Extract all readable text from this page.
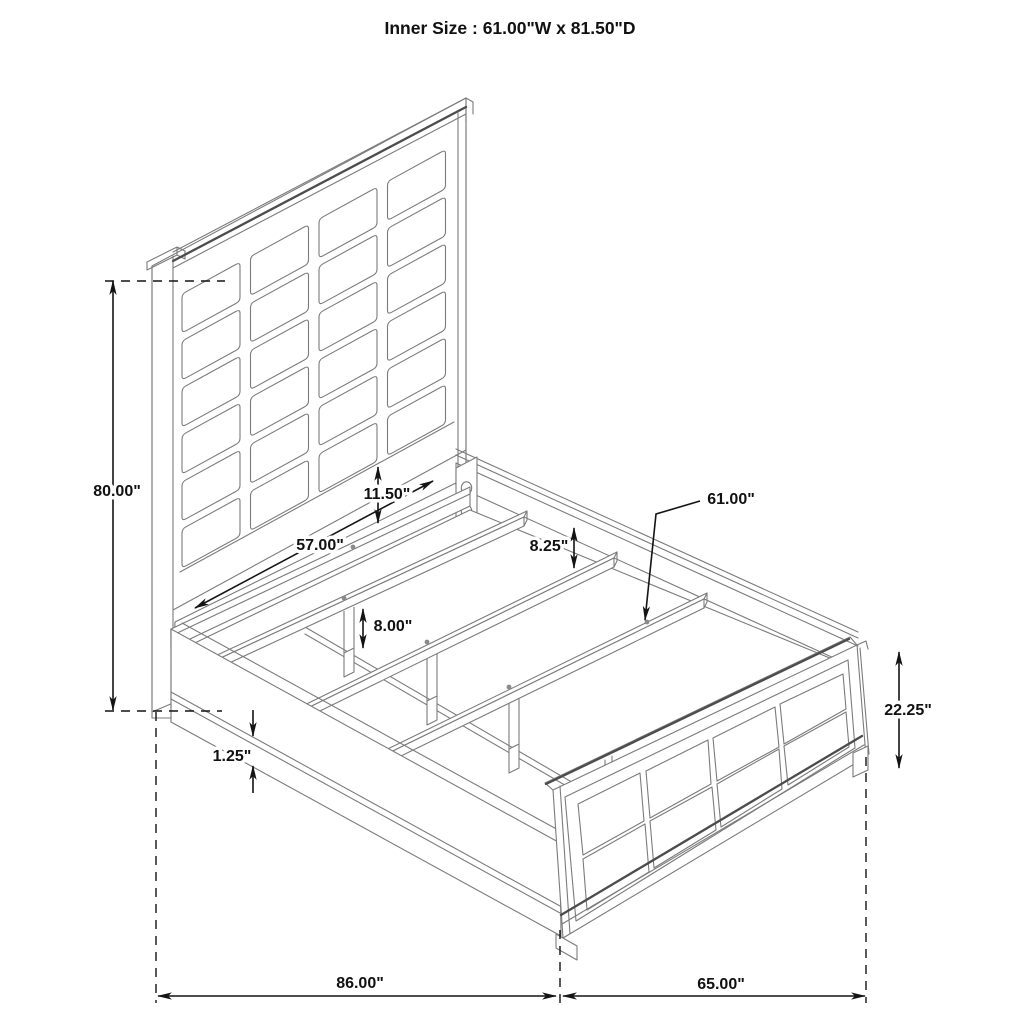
80.00"
57.00"
11.50"
8.25"
61.00"
8.00"
1.25"
22.25"
86.00"	65.00"
Inner Size : 61.00"W x 81.50"D
